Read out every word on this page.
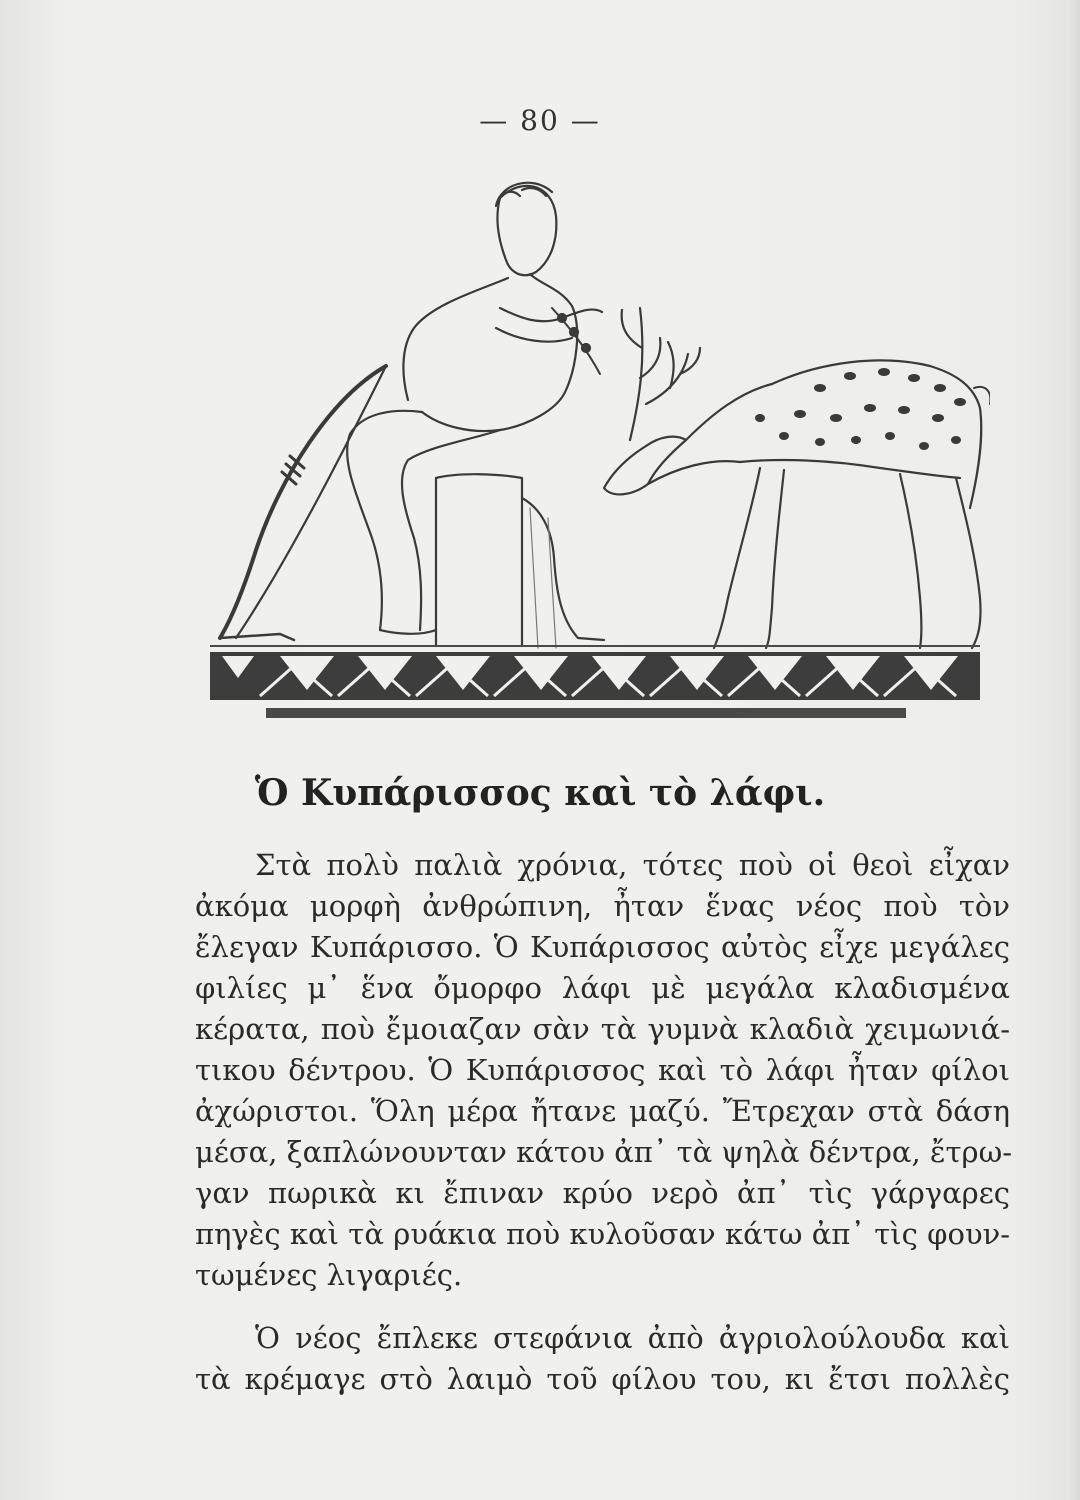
— 80 —
Ὁ Κυπάρισσος καὶ τὸ λάφι.
Στὰ πολὺ παλιὰ χρόνια, τότες ποὺ οἱ θεοὶ εἶχαν
ἀκόμα μορφὴ ἀνθρώπινη, ἦταν ἕνας νέος ποὺ τὸν
ἔλεγαν Κυπάρισσο. Ὁ Κυπάρισσος αὐτὸς εἶχε μεγάλες
φιλίες μ᾽ ἕνα ὄμορφο λάφι μὲ μεγάλα κλαδισμένα
κέρατα, ποὺ ἔμοιαζαν σὰν τὰ γυμνὰ κλαδιὰ χειμωνιά-
τικου δέντρου. Ὁ Κυπάρισσος καὶ τὸ λάφι ἦταν φίλοι
ἀχώριστοι. Ὅλη μέρα ἤτανε μαζύ. Ἔτρεχαν στὰ δάση
μέσα, ξαπλώνουνταν κάτου ἀπ᾽ τὰ ψηλὰ δέντρα, ἔτρω-
γαν πωρικὰ κι ἔπιναν κρύο νερὸ ἀπ᾽ τὶς γάργαρες
πηγὲς καὶ τὰ ρυάκια ποὺ κυλοῦσαν κάτω ἀπ᾽ τὶς φουν-
τωμένες λιγαριές.
Ὁ νέος ἔπλεκε στεφάνια ἀπὸ ἀγριολούλουδα καὶ
τὰ κρέμαγε στὸ λαιμὸ τοῦ φίλου του, κι ἔτσι πολλὲς
